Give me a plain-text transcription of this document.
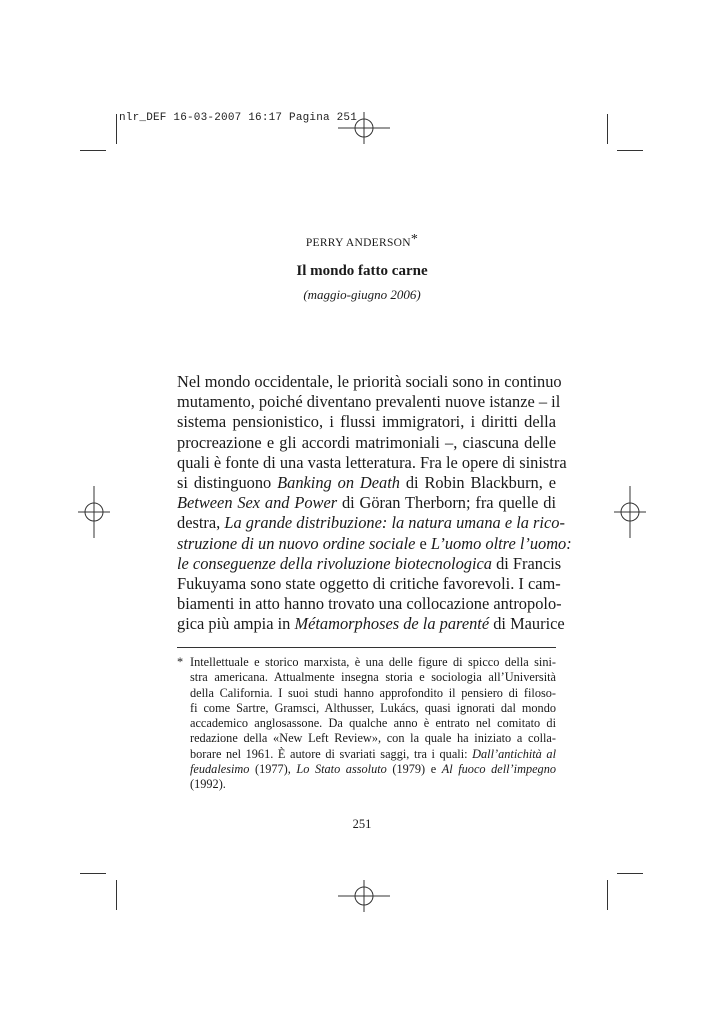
nlr_DEF 16-03-2007 16:17 Pagina 251
PERRY ANDERSON*
Il mondo fatto carne
(maggio-giugno 2006)
Nel mondo occidentale, le priorità sociali sono in continuo
mutamento, poiché diventano prevalenti nuove istanze – il
sistema pensionistico, i flussi immigratori, i diritti della
procreazione e gli accordi matrimoniali –, ciascuna delle
quali è fonte di una vasta letteratura. Fra le opere di sinistra
si distinguono Banking on Death di Robin Blackburn, e
Between Sex and Power di Göran Therborn; fra quelle di
destra, La grande distribuzione: la natura umana e la rico-
struzione di un nuovo ordine sociale e L’uomo oltre l’uomo:
le conseguenze della rivoluzione biotecnologica di Francis
Fukuyama sono state oggetto di critiche favorevoli. I cam-
biamenti in atto hanno trovato una collocazione antropolo-
gica più ampia in Métamorphoses de la parenté di Maurice
* Intellettuale e storico marxista, è una delle figure di spicco della sini-
stra americana. Attualmente insegna storia e sociologia all’Università
della California. I suoi studi hanno approfondito il pensiero di filoso-
fi come Sartre, Gramsci, Althusser, Lukács, quasi ignorati dal mondo
accademico anglosassone. Da qualche anno è entrato nel comitato di
redazione della «New Left Review», con la quale ha iniziato a colla-
borare nel 1961. È autore di svariati saggi, tra i quali: Dall’antichità al
feudalesimo (1977), Lo Stato assoluto (1979) e Al fuoco dell’impegno
(1992).
251
